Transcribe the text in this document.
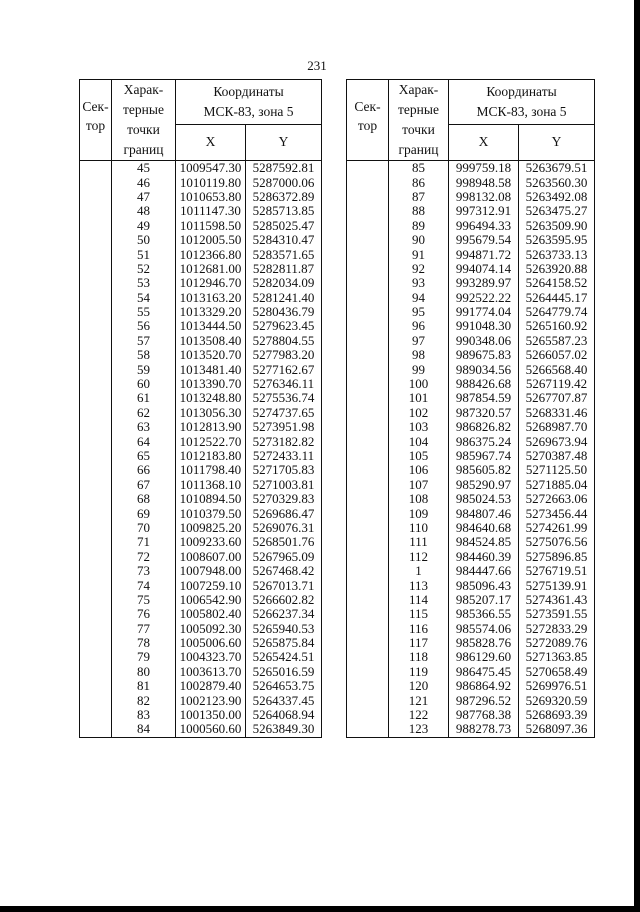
231
Сек-
тор	Харак-
терные
точки
границ	Координаты
МСК-83, зона 5	
		X	Y
	45	1009547.30	5287592.81
	46	1010119.80	5287000.06
	47	1010653.80	5286372.89
	48	1011147.30	5285713.85
	49	1011598.50	5285025.47
	50	1012005.50	5284310.47
	51	1012366.80	5283571.65
	52	1012681.00	5282811.87
	53	1012946.70	5282034.09
	54	1013163.20	5281241.40
	55	1013329.20	5280436.79
	56	1013444.50	5279623.45
	57	1013508.40	5278804.55
	58	1013520.70	5277983.20
	59	1013481.40	5277162.67
	60	1013390.70	5276346.11
	61	1013248.80	5275536.74
	62	1013056.30	5274737.65
	63	1012813.90	5273951.98
	64	1012522.70	5273182.82
	65	1012183.80	5272433.11
	66	1011798.40	5271705.83
	67	1011368.10	5271003.81
	68	1010894.50	5270329.83
	69	1010379.50	5269686.47
	70	1009825.20	5269076.31
	71	1009233.60	5268501.76
	72	1008607.00	5267965.09
	73	1007948.00	5267468.42
	74	1007259.10	5267013.71
	75	1006542.90	5266602.82
	76	1005802.40	5266237.34
	77	1005092.30	5265940.53
	78	1005006.60	5265875.84
	79	1004323.70	5265424.51
	80	1003613.70	5265016.59
	81	1002879.40	5264653.75
	82	1002123.90	5264337.45
	83	1001350.00	5264068.94
	84	1000560.60	5263849.30
Сек-
тор	Харак-
терные
точки
границ	Координаты
МСК-83, зона 5	
		X	Y
	85	999759.18	5263679.51
	86	998948.58	5263560.30
	87	998132.08	5263492.08
	88	997312.91	5263475.27
	89	996494.33	5263509.90
	90	995679.54	5263595.95
	91	994871.72	5263733.13
	92	994074.14	5263920.88
	93	993289.97	5264158.52
	94	992522.22	5264445.17
	95	991774.04	5264779.74
	96	991048.30	5265160.92
	97	990348.06	5265587.23
	98	989675.83	5266057.02
	99	989034.56	5266568.40
	100	988426.68	5267119.42
	101	987854.59	5267707.87
	102	987320.57	5268331.46
	103	986826.82	5268987.70
	104	986375.24	5269673.94
	105	985967.74	5270387.48
	106	985605.82	5271125.50
	107	985290.97	5271885.04
	108	985024.53	5272663.06
	109	984807.46	5273456.44
	110	984640.68	5274261.99
	111	984524.85	5275076.56
	112	984460.39	5275896.85
	1	984447.66	5276719.51
	113	985096.43	5275139.91
	114	985207.17	5274361.43
	115	985366.55	5273591.55
	116	985574.06	5272833.29
	117	985828.76	5272089.76
	118	986129.60	5271363.85
	119	986475.45	5270658.49
	120	986864.92	5269976.51
	121	987296.52	5269320.59
	122	987768.38	5268693.39
	123	988278.73	5268097.36
